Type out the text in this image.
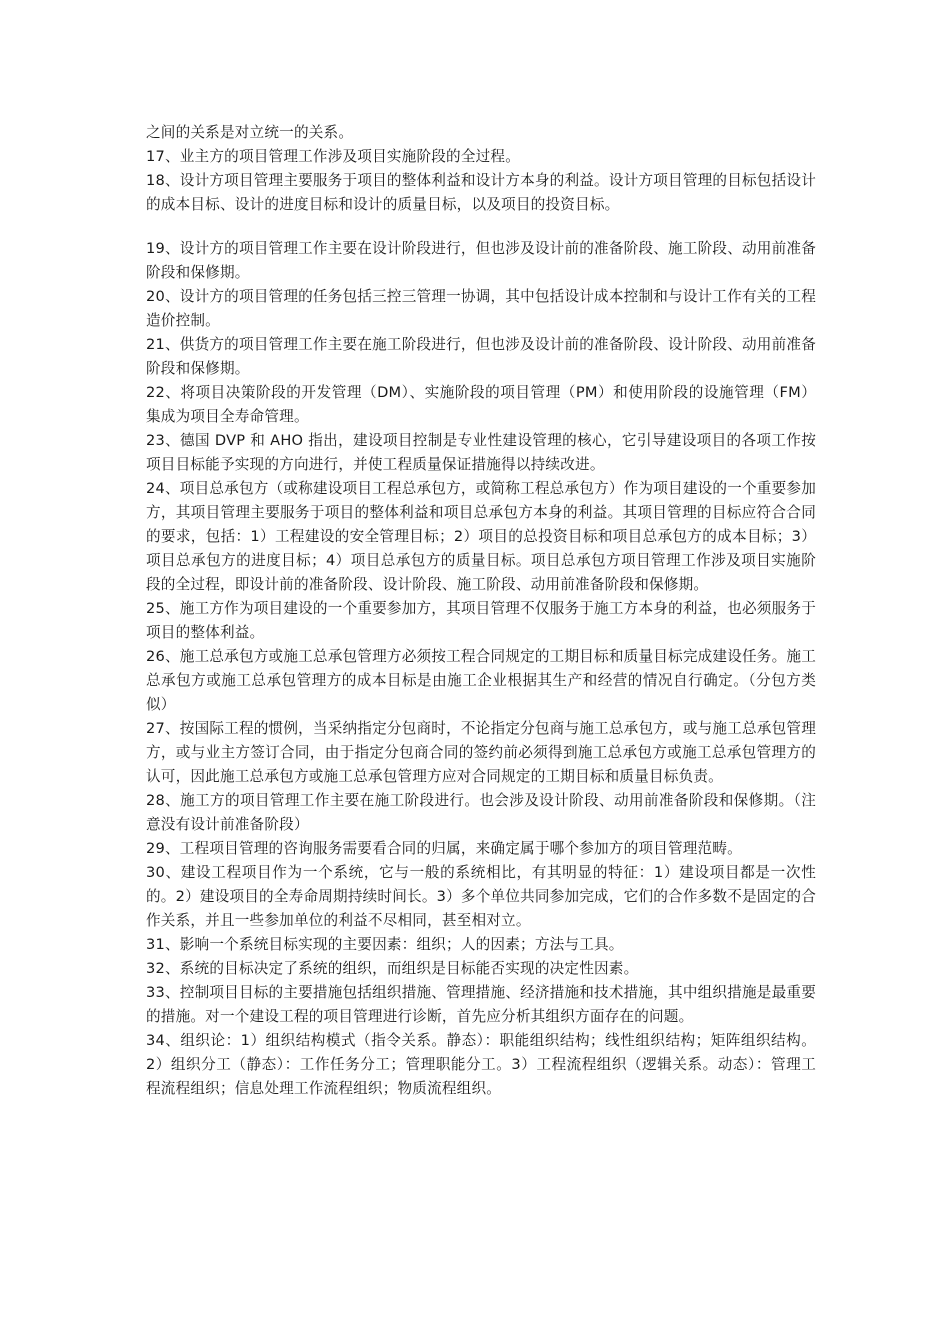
之间的关系是对立统一的关系。

17、业主方的项目管理工作涉及项目实施阶段的全过程。

18、设计方项目管理主要服务于项目的整体利益和设计方本身的利益。设计方项目管理的目标包括设计的成本目标、设计的进度目标和设计的质量目标，以及项目的投资目标。

19、设计方的项目管理工作主要在设计阶段进行，但也涉及设计前的准备阶段、施工阶段、动用前准备阶段和保修期。

20、设计方的项目管理的任务包括三控三管理一协调，其中包括设计成本控制和与设计工作有关的工程造价控制。

21、供货方的项目管理工作主要在施工阶段进行，但也涉及设计前的准备阶段、设计阶段、动用前准备阶段和保修期。

22、将项目决策阶段的开发管理（DM）、实施阶段的项目管理（PM）和使用阶段的设施管理（FM）集成为项目全寿命管理。

23、德国 DVP 和 AHO 指出，建设项目控制是专业性建设管理的核心，它引导建设项目的各项工作按项目目标能予实现的方向进行，并使工程质量保证措施得以持续改进。

24、项目总承包方（或称建设项目工程总承包方，或简称工程总承包方）作为项目建设的一个重要参加方，其项目管理主要服务于项目的整体利益和项目总承包方本身的利益。其项目管理的目标应符合合同的要求，包括：1）工程建设的安全管理目标；2）项目的总投资目标和项目总承包方的成本目标；3）项目总承包方的进度目标；4）项目总承包方的质量目标。项目总承包方项目管理工作涉及项目实施阶段的全过程，即设计前的准备阶段、设计阶段、施工阶段、动用前准备阶段和保修期。

25、施工方作为项目建设的一个重要参加方，其项目管理不仅服务于施工方本身的利益，也必须服务于项目的整体利益。

26、施工总承包方或施工总承包管理方必须按工程合同规定的工期目标和质量目标完成建设任务。施工总承包方或施工总承包管理方的成本目标是由施工企业根据其生产和经营的情况自行确定。（分包方类似）

27、按国际工程的惯例，当采纳指定分包商时，不论指定分包商与施工总承包方，或与施工总承包管理方，或与业主方签订合同，由于指定分包商合同的签约前必须得到施工总承包方或施工总承包管理方的认可，因此施工总承包方或施工总承包管理方应对合同规定的工期目标和质量目标负责。

28、施工方的项目管理工作主要在施工阶段进行。也会涉及设计阶段、动用前准备阶段和保修期。（注意没有设计前准备阶段）

29、工程项目管理的咨询服务需要看合同的归属，来确定属于哪个参加方的项目管理范畴。

30、建设工程项目作为一个系统，它与一般的系统相比，有其明显的特征：1）建设项目都是一次性的。2）建设项目的全寿命周期持续时间长。3）多个单位共同参加完成，它们的合作多数不是固定的合作关系，并且一些参加单位的利益不尽相同，甚至相对立。

31、影响一个系统目标实现的主要因素：组织；人的因素；方法与工具。

32、系统的目标决定了系统的组织，而组织是目标能否实现的决定性因素。

33、控制项目目标的主要措施包括组织措施、管理措施、经济措施和技术措施，其中组织措施是最重要的措施。对一个建设工程的项目管理进行诊断，首先应分析其组织方面存在的问题。

34、组织论：1）组织结构模式（指令关系。静态）：职能组织结构；线性组织结构；矩阵组织结构。2）组织分工（静态）：工作任务分工；管理职能分工。3）工程流程组织（逻辑关系。动态）：管理工程流程组织；信息处理工作流程组织；物质流程组织。
